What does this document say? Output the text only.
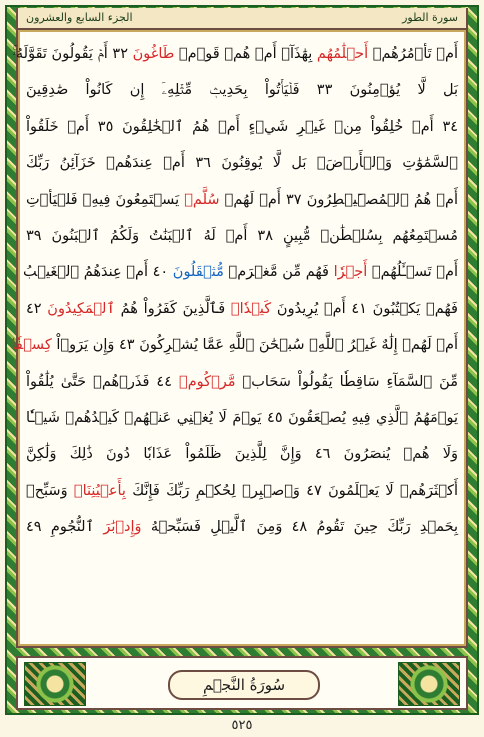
الجزء السابع والعشرون	سورة الطور
أَمۡ تَأۡمُرُهُمۡ أَحۡلَٰمُهُم بِهَٰذَآۚ أَمۡ هُمۡ قَوۡمٞ طَاغُونَ ٣٢ أَمۡ يَقُولُونَ تَقَوَّلَهُۥۚ
بَل لَّا يُؤۡمِنُونَ ٣٣ فَلۡيَأۡتُواْ بِحَدِيثٖ مِّثۡلِهِۦٓ إِن كَانُواْ صَٰدِقِينَ
٣٤ أَمۡ خُلِقُواْ مِنۡ غَيۡرِ شَيۡءٍ أَمۡ هُمُ ٱلۡخَٰلِقُونَ ٣٥ أَمۡ خَلَقُواْ
ٱلسَّمَٰوَٰتِ وَٱلۡأَرۡضَۚ بَل لَّا يُوقِنُونَ ٣٦ أَمۡ عِندَهُمۡ خَزَآئِنُ رَبِّكَ
أَمۡ هُمُ ٱلۡمُصَۣيۡطِرُونَ ٣٧ أَمۡ لَهُمۡ سُلَّمٞ يَسۡتَمِعُونَ فِيهِۖ فَلۡيَأۡتِ
مُسۡتَمِعُهُم بِسُلۡطَٰنٖ مُّبِينٍ ٣٨ أَمۡ لَهُ ٱلۡبَنَٰتُ وَلَكُمُ ٱلۡبَنُونَ ٣٩
أَمۡ تَسۡـَٔلُهُمۡ أَجۡرٗا فَهُم مِّن مَّغۡرَمٖ مُّثۡقَلُونَ ٤٠ أَمۡ عِندَهُمُ ٱلۡغَيۡبُ
فَهُمۡ يَكۡتُبُونَ ٤١ أَمۡ يُرِيدُونَ كَيۡدٗاۖ فَٱلَّذِينَ كَفَرُواْ هُمُ ٱلۡمَكِيدُونَ ٤٢
أَمۡ لَهُمۡ إِلَٰهٌ غَيۡرُ ٱللَّهِۚ سُبۡحَٰنَ ٱللَّهِ عَمَّا يُشۡرِكُونَ ٤٣ وَإِن يَرَوۡاْ كِسۡفٗا
مِّنَ ٱلسَّمَآءِ سَاقِطٗا يَقُولُواْ سَحَابٞ مَّرۡكُومٞ ٤٤ فَذَرۡهُمۡ حَتَّىٰ يُلَٰقُواْ
يَوۡمَهُمُ ٱلَّذِي فِيهِ يُصۡعَقُونَ ٤٥ يَوۡمَ لَا يُغۡنِي عَنۡهُمۡ كَيۡدُهُمۡ شَيۡـٔٗا
وَلَا هُمۡ يُنصَرُونَ ٤٦ وَإِنَّ لِلَّذِينَ ظَلَمُواْ عَذَابٗا دُونَ ذَٰلِكَ وَلَٰكِنَّ
أَكۡثَرَهُمۡ لَا يَعۡلَمُونَ ٤٧ وَٱصۡبِرۡ لِحُكۡمِ رَبِّكَ فَإِنَّكَ بِأَعۡيُنِنَاۖ وَسَبِّحۡ
بِحَمۡدِ رَبِّكَ حِينَ تَقُومُ ٤٨ وَمِنَ ٱلَّيۡلِ فَسَبِّحۡهُ وَإِدۡبَٰرَ ٱلنُّجُومِ ٤٩
سُورَةُ النَّجۡمِ
٥٢٥
